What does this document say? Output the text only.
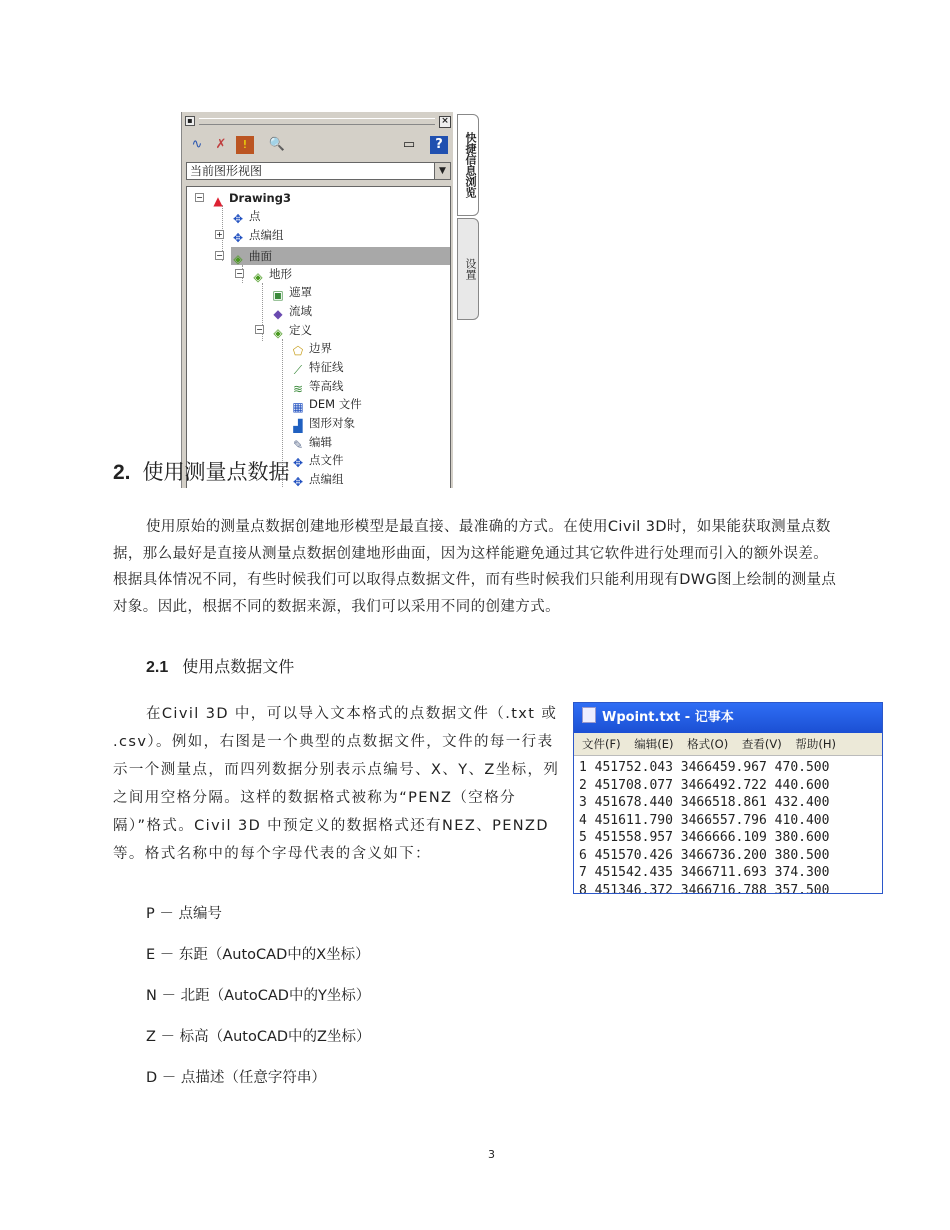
▪	×
∿ ✗	!	🔍	▭	?
当前图形视图	▼
− ▲ Drawing3
✥ 点
+ ✥ 点编组
− ◈ 曲面
− ◈ 地形
▣ 遮罩
◆ 流域
− ◈ 定义
⬠ 边界
⟋ 特征线
≋ 等高线
▦ DEM 文件
▟ 图形对象
✎ 编辑
✥ 点文件
✥ 点编组
快捷信息浏览
设置
2. 使用测量点数据
使用原始的测量点数据创建地形模型是最直接、最准确的方式。在使用Civil 3D时，如果能获取测量点数据，那么最好是直接从测量点数据创建地形曲面，因为这样能避免通过其它软件进行处理而引入的额外误差。根据具体情况不同，有些时候我们可以取得点数据文件，而有些时候我们只能利用现有DWG图上绘制的测量点对象。因此，根据不同的数据来源，我们可以采用不同的创建方式。
2.1 使用点数据文件
在Civil 3D 中，可以导入文本格式的点数据文件（.txt 或 .csv）。例如，右图是一个典型的点数据文件，文件的每一行表示一个测量点，而四列数据分别表示点编号、X、Y、Z坐标，列之间用空格分隔。这样的数据格式被称为“PENZ（空格分隔）”格式。Civil 3D 中预定义的数据格式还有NEZ、PENZD等。格式名称中的每个字母代表的含义如下：
Wpoint.txt - 记事本
文件(F) 编辑(E) 格式(O) 查看(V) 帮助(H)
1 451752.043 3466459.967 470.500
2 451708.077 3466492.722 440.600
3 451678.440 3466518.861 432.400
4 451611.790 3466557.796 410.400
5 451558.957 3466666.109 380.600
6 451570.426 3466736.200 380.500
7 451542.435 3466711.693 374.300
8 451346.372 3466716.788 357.500
P － 点编号
E － 东距（AutoCAD中的X坐标）
N － 北距（AutoCAD中的Y坐标）
Z － 标高（AutoCAD中的Z坐标）
D － 点描述（任意字符串）
3
